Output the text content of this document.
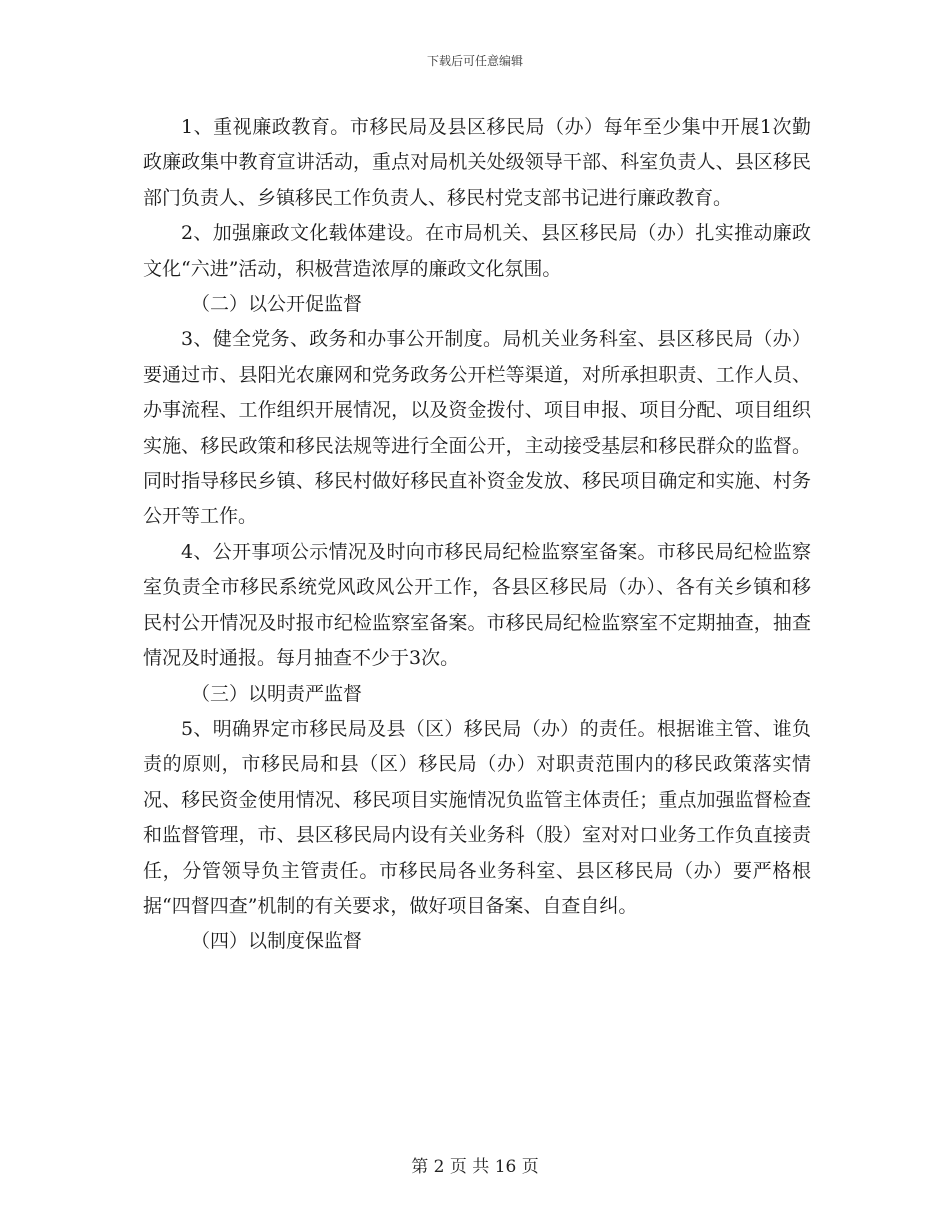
下载后可任意编辑

1、重视廉政教育。市移民局及县区移民局（办）每年至少集中开展1次勤政廉政集中教育宣讲活动，重点对局机关处级领导干部、科室负责人、县区移民部门负责人、乡镇移民工作负责人、移民村党支部书记进行廉政教育。

2、加强廉政文化载体建设。在市局机关、县区移民局（办）扎实推动廉政文化“六进”活动，积极营造浓厚的廉政文化氛围。

（二）以公开促监督

3、健全党务、政务和办事公开制度。局机关业务科室、县区移民局（办）要通过市、县阳光农廉网和党务政务公开栏等渠道，对所承担职责、工作人员、办事流程、工作组织开展情况，以及资金拨付、项目申报、项目分配、项目组织实施、移民政策和移民法规等进行全面公开，主动接受基层和移民群众的监督。同时指导移民乡镇、移民村做好移民直补资金发放、移民项目确定和实施、村务公开等工作。

4、公开事项公示情况及时向市移民局纪检监察室备案。市移民局纪检监察室负责全市移民系统党风政风公开工作，各县区移民局（办）、各有关乡镇和移民村公开情况及时报市纪检监察室备案。市移民局纪检监察室不定期抽查，抽查情况及时通报。每月抽查不少于3次。

（三）以明责严监督

5、明确界定市移民局及县（区）移民局（办）的责任。根据谁主管、谁负责的原则，市移民局和县（区）移民局（办）对职责范围内的移民政策落实情况、移民资金使用情况、移民项目实施情况负监管主体责任；重点加强监督检查和监督管理，市、县区移民局内设有关业务科（股）室对对口业务工作负直接责任，分管领导负主管责任。市移民局各业务科室、县区移民局（办）要严格根据“四督四查”机制的有关要求，做好项目备案、自查自纠。

（四）以制度保监督

第 2 页 共 16 页
